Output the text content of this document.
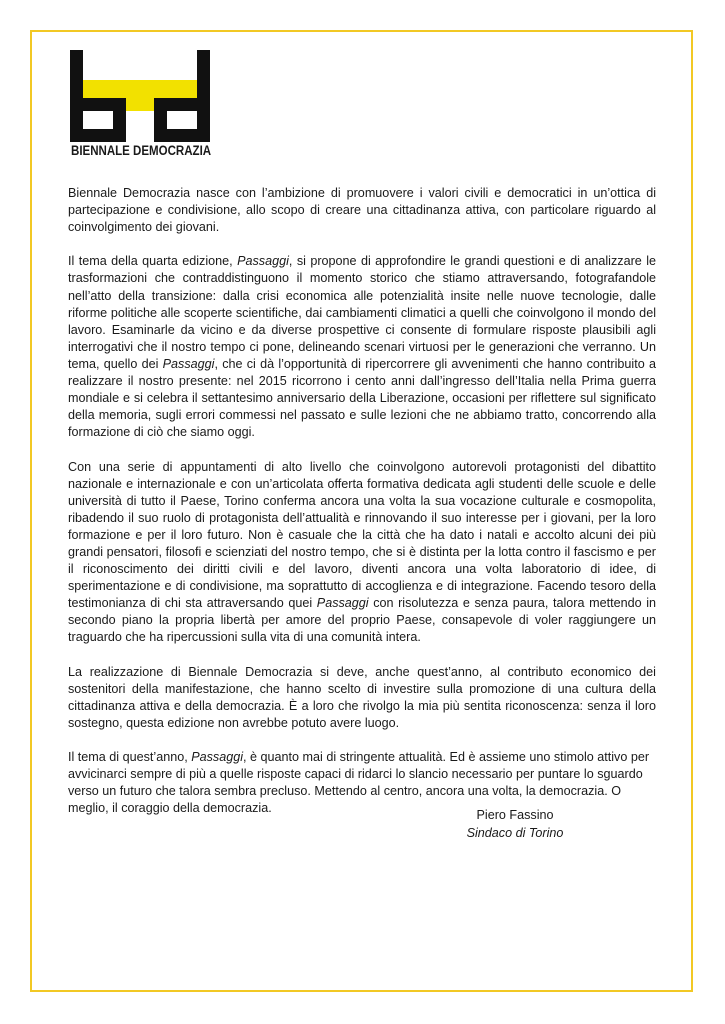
BIENNALE DEMOCRAZIA

Biennale Democrazia nasce con l’ambizione di promuovere i valori civili e democratici in un’ottica di partecipazione e condivisione, allo scopo di creare una cittadinanza attiva, con particolare riguardo al coinvolgimento dei giovani.

Il tema della quarta edizione, Passaggi, si propone di approfondire le grandi questioni e di analizzare le trasformazioni che contraddistinguono il momento storico che stiamo attraversando, fotografandole nell’atto della transizione: dalla crisi economica alle potenzialità insite nelle nuove tecnologie, dalle riforme politiche alle scoperte scientifiche, dai cambiamenti climatici a quelli che coinvolgono il mondo del lavoro. Esaminarle da vicino e da diverse prospettive ci consente di formulare risposte plausibili agli interrogativi che il nostro tempo ci pone, delineando scenari virtuosi per le generazioni che verranno. Un tema, quello dei Passaggi, che ci dà l’opportunità di ripercorrere gli avvenimenti che hanno contribuito a realizzare il nostro presente: nel 2015 ricorrono i cento anni dall’ingresso dell’Italia nella Prima guerra mondiale e si celebra il settantesimo anniversario della Liberazione, occasioni per riflettere sul significato della memoria, sugli errori commessi nel passato e sulle lezioni che ne abbiamo tratto, concorrendo alla formazione di ciò che siamo oggi.

Con una serie di appuntamenti di alto livello che coinvolgono autorevoli protagonisti del dibattito nazionale e internazionale e con un’articolata offerta formativa dedicata agli studenti delle scuole e delle università di tutto il Paese, Torino conferma ancora una volta la sua vocazione culturale e cosmopolita, ribadendo il suo ruolo di protagonista dell’attualità e rinnovando il suo interesse per i giovani, per la loro formazione e per il loro futuro. Non è casuale che la città che ha dato i natali e accolto alcuni dei più grandi pensatori, filosofi e scienziati del nostro tempo, che si è distinta per la lotta contro il fascismo e per il riconoscimento dei diritti civili e del lavoro, diventi ancora una volta laboratorio di idee, di sperimentazione e di condivisione, ma soprattutto di accoglienza e di integrazione. Facendo tesoro della testimonianza di chi sta attraversando quei Passaggi con risolutezza e senza paura, talora mettendo in secondo piano la propria libertà per amore del proprio Paese, consapevole di voler raggiungere un traguardo che ha ripercussioni sulla vita di una comunità intera.

La realizzazione di Biennale Democrazia si deve, anche quest’anno, al contributo economico dei sostenitori della manifestazione, che hanno scelto di investire sulla promozione di una cultura della cittadinanza attiva e della democrazia. È a loro che rivolgo la mia più sentita riconoscenza: senza il loro sostegno, questa edizione non avrebbe potuto avere luogo.

Il tema di quest’anno, Passaggi, è quanto mai di stringente attualità. Ed è assieme uno stimolo attivo per avvicinarci sempre di più a quelle risposte capaci di ridarci lo slancio necessario per puntare lo sguardo verso un futuro che talora sembra precluso. Mettendo al centro, ancora una volta, la democrazia. O meglio, il coraggio della democrazia.	Piero Fassino
Sindaco di Torino
